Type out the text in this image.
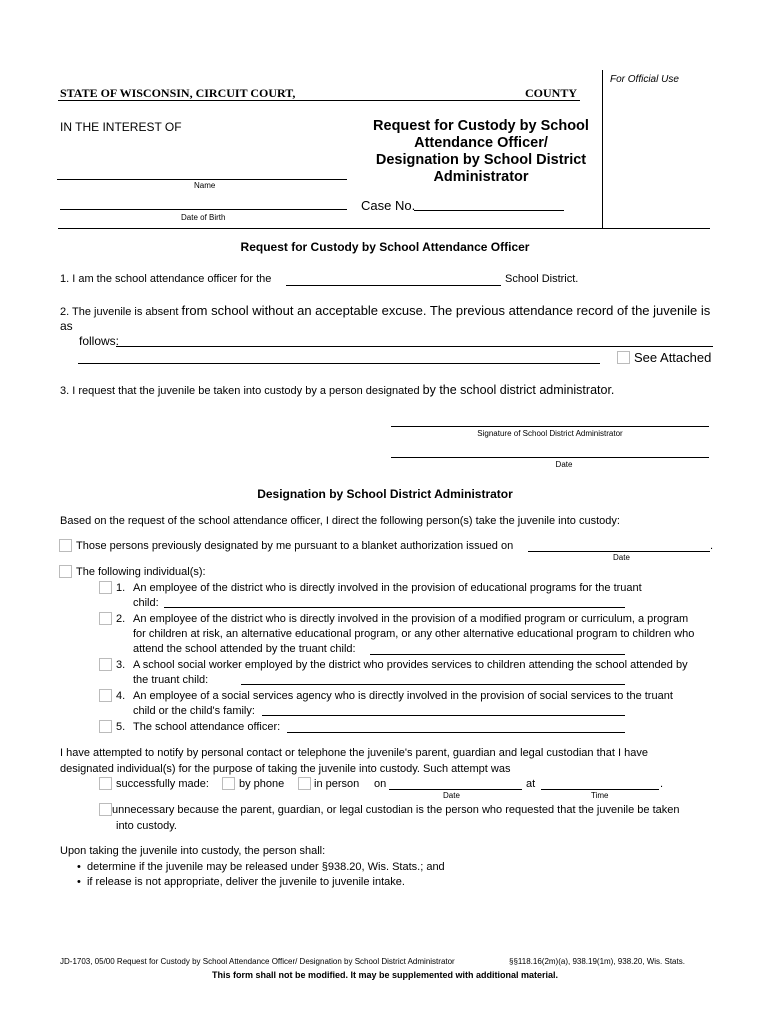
For Official Use
STATE OF WISCONSIN, CIRCUIT COURT,	COUNTY
IN THE INTEREST OF
Name
Date of Birth
Request for Custody by School
Attendance Officer/
Designation by School District
Administrator
Case No.
Request for Custody by School Attendance Officer
1. I am the school attendance officer for the	School District.
2. The juvenile is absent from school without an acceptable excuse. The previous attendance record of the juvenile is
as
follows:
See Attached
3. I request that the juvenile be taken into custody by a person designated by the school district administrator.
Signature of School District Administrator
Date
Designation by School District Administrator
Based on the request of the school attendance officer, I direct the following person(s) take the juvenile into custody:
Those persons previously designated by me pursuant to a blanket authorization issued on	.
Date
The following individual(s):
1. An employee of the district who is directly involved in the provision of educational programs for the truant
child:
2. An employee of the district who is directly involved in the provision of a modified program or curriculum, a program
for children at risk, an alternative educational program, or any other alternative educational program to children who
attend the school attended by the truant child:
3. A school social worker employed by the district who provides services to children attending the school attended by
the truant child:
4. An employee of a social services agency who is directly involved in the provision of social services to the truant
child or the child's family:
5. The school attendance officer:
I have attempted to notify by personal contact or telephone the juvenile's parent, guardian and legal custodian that I have
designated individual(s) for the purpose of taking the juvenile into custody. Such attempt was
successfully made:	by phone	in person on	at	.
Date	Time
unnecessary because the parent, guardian, or legal custodian is the person who requested that the juvenile be taken
into custody.
Upon taking the juvenile into custody, the person shall:
•  determine if the juvenile may be released under §938.20, Wis. Stats.; and
•  if release is not appropriate, deliver the juvenile to juvenile intake.
JD-1703, 05/00 Request for Custody by School Attendance Officer/ Designation by School District Administrator	§§118.16(2m)(a), 938.19(1m), 938.20, Wis. Stats.
This form shall not be modified. It may be supplemented with additional material.
